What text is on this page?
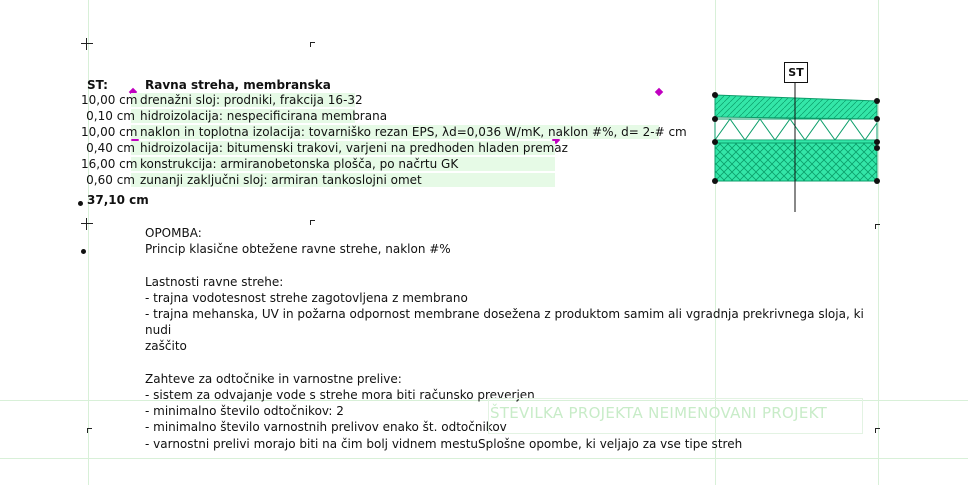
ST:	Ravna streha, membranska
10,00 cm drenažni sloj: prodniki, frakcija 16-32
0,10 cm hidroizolacija: nespecificirana membrana
10,00 cm naklon in toplotna izolacija: tovarniško rezan EPS, λd=0,036 W/mK, naklon #%, d= 2-# cm
0,40 cm hidroizolacija: bitumenski trakovi, varjeni na predhoden hladen premaz
16,00 cm konstrukcija: armiranobetonska plošča, po načrtu GK
0,60 cm zunanji zaključni sloj: armiran tankoslojni omet
37,10 cm
OPOMBA:
Princip klasične obtežene ravne strehe, naklon #%

Lastnosti ravne strehe:
- trajna vodotesnost strehe zagotovljena z membrano
- trajna mehanska, UV in požarna odpornost membrane dosežena z produktom samim ali vgradnja prekrivnega sloja, ki nudi
zaščito

Zahteve za odtočnike in varnostne prelive:
- sistem za odvajanje vode s strehe mora biti računsko preverjen
- minimalno število odtočnikov: 2
- minimalno število varnostnih prelivov enako št. odtočnikov
- varnostni prelivi morajo biti na čim bolj vidnem mestuSplošne opombe, ki veljajo za vse tipe streh
ŠTEVILKA PROJEKTA NEIMENOVANI PROJEKT
ST
